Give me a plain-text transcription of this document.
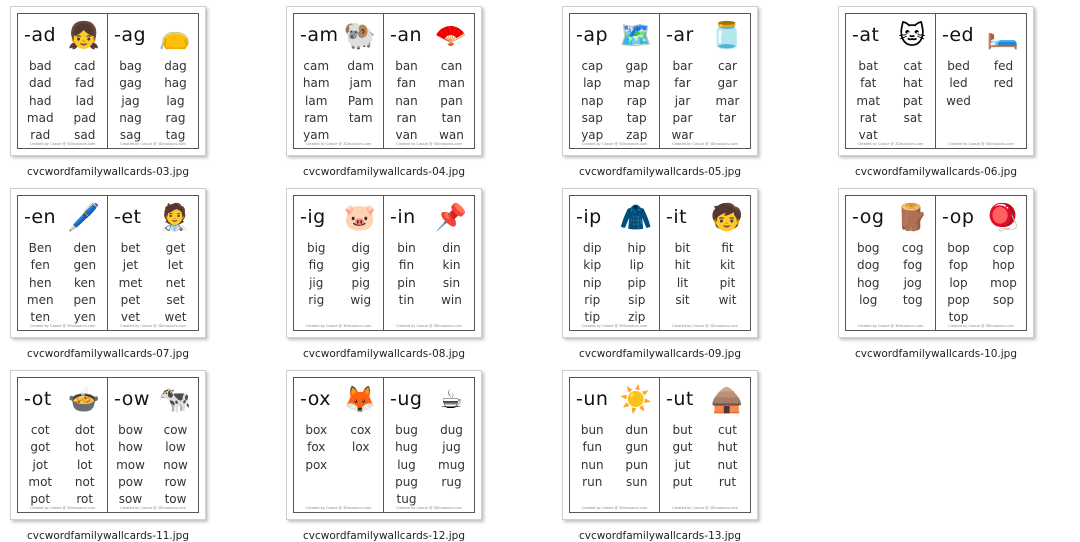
-ad 👧
bad	cad
dad	fad
had	lad
mad	pad
rad	sad
Created by Cassie @ 3Dinosaurs.com
-ag 👝
bag	dag
gag	hag
jag	lag
nag	rag
sag	tag
Created by Cassie @ 3Dinosaurs.com
cvcwordfamilywallcards-03.jpg
-am 🐏
cam	dam
ham	jam
lam	Pam
ram	tam
yam
Created by Cassie @ 3Dinosaurs.com
-an 🪭
ban	can
fan	man
nan	pan
ran	tan
van	wan
Created by Cassie @ 3Dinosaurs.com
cvcwordfamilywallcards-04.jpg
-ap 🗺️
cap	gap
lap	map
nap	rap
sap	tap
yap	zap
Created by Cassie @ 3Dinosaurs.com
-ar 🫙
bar	car
far	gar
jar	mar
par	tar
war
Created by Cassie @ 3Dinosaurs.com
cvcwordfamilywallcards-05.jpg
-at 🐱
bat	cat
fat	hat
mat	pat
rat	sat
vat
Created by Cassie @ 3Dinosaurs.com
-ed 🛏️
bed	fed
led	red
wed
Created by Cassie @ 3Dinosaurs.com
cvcwordfamilywallcards-06.jpg
-en 🖊️
Ben	den
fen	gen
hen	ken
men	pen
ten	yen
Created by Cassie @ 3Dinosaurs.com
-et 🧑‍⚕️
bet	get
jet	let
met	net
pet	set
vet	wet
Created by Cassie @ 3Dinosaurs.com
cvcwordfamilywallcards-07.jpg
-ig 🐷
big	dig
fig	gig
jig	pig
rig	wig
Created by Cassie @ 3Dinosaurs.com
-in 📌
bin	din
fin	kin
pin	sin
tin	win
Created by Cassie @ 3Dinosaurs.com
cvcwordfamilywallcards-08.jpg
-ip 🧥
dip	hip
kip	lip
nip	pip
rip	sip
tip	zip
Created by Cassie @ 3Dinosaurs.com
-it 🧒
bit	fit
hit	kit
lit	pit
sit	wit
Created by Cassie @ 3Dinosaurs.com
cvcwordfamilywallcards-09.jpg
-og 🪵
bog	cog
dog	fog
hog	jog
log	tog
Created by Cassie @ 3Dinosaurs.com
-op 🪀
bop	cop
fop	hop
lop	mop
pop	sop
top
Created by Cassie @ 3Dinosaurs.com
cvcwordfamilywallcards-10.jpg
-ot 🍲
cot	dot
got	hot
jot	lot
mot	not
pot	rot
Created by Cassie @ 3Dinosaurs.com
-ow 🐄
bow	cow
how	low
mow	now
pow	row
sow	tow
Created by Cassie @ 3Dinosaurs.com
cvcwordfamilywallcards-11.jpg
-ox 🦊
box	cox
fox	lox
pox
Created by Cassie @ 3Dinosaurs.com
-ug ☕
bug	dug
hug	jug
lug	mug
pug	rug
tug
Created by Cassie @ 3Dinosaurs.com
cvcwordfamilywallcards-12.jpg
-un ☀️
bun	dun
fun	gun
nun	pun
run	sun
Created by Cassie @ 3Dinosaurs.com
-ut 🛖
but	cut
gut	hut
jut	nut
put	rut
Created by Cassie @ 3Dinosaurs.com
cvcwordfamilywallcards-13.jpg
